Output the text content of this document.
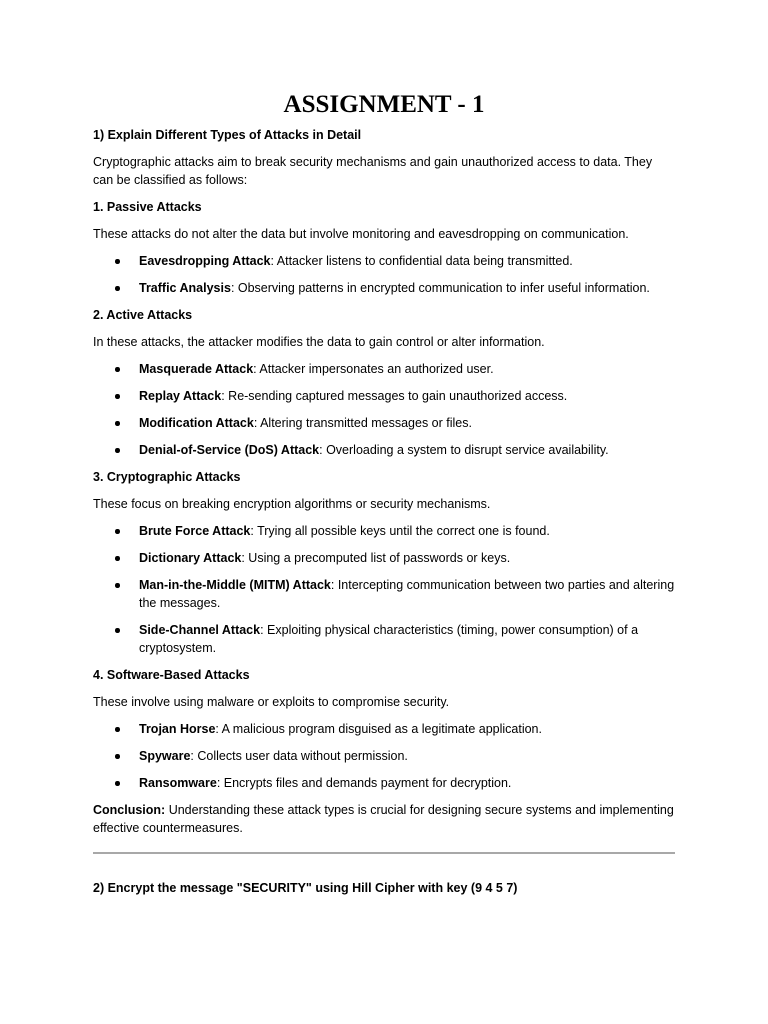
ASSIGNMENT - 1

1) Explain Different Types of Attacks in Detail

Cryptographic attacks aim to break security mechanisms and gain unauthorized access to data. They can be classified as follows:

1. Passive Attacks

These attacks do not alter the data but involve monitoring and eavesdropping on communication.

Eavesdropping Attack: Attacker listens to confidential data being transmitted.
Traffic Analysis: Observing patterns in encrypted communication to infer useful information.

2. Active Attacks

In these attacks, the attacker modifies the data to gain control or alter information.

Masquerade Attack: Attacker impersonates an authorized user.
Replay Attack: Re-sending captured messages to gain unauthorized access.
Modification Attack: Altering transmitted messages or files.
Denial-of-Service (DoS) Attack: Overloading a system to disrupt service availability.

3. Cryptographic Attacks

These focus on breaking encryption algorithms or security mechanisms.

Brute Force Attack: Trying all possible keys until the correct one is found.
Dictionary Attack: Using a precomputed list of passwords or keys.
Man-in-the-Middle (MITM) Attack: Intercepting communication between two parties and altering the messages.
Side-Channel Attack: Exploiting physical characteristics (timing, power consumption) of a cryptosystem.

4. Software-Based Attacks

These involve using malware or exploits to compromise security.

Trojan Horse: A malicious program disguised as a legitimate application.
Spyware: Collects user data without permission.
Ransomware: Encrypts files and demands payment for decryption.

Conclusion: Understanding these attack types is crucial for designing secure systems and implementing effective countermeasures.

2) Encrypt the message "SECURITY" using Hill Cipher with key (9 4 5 7)
